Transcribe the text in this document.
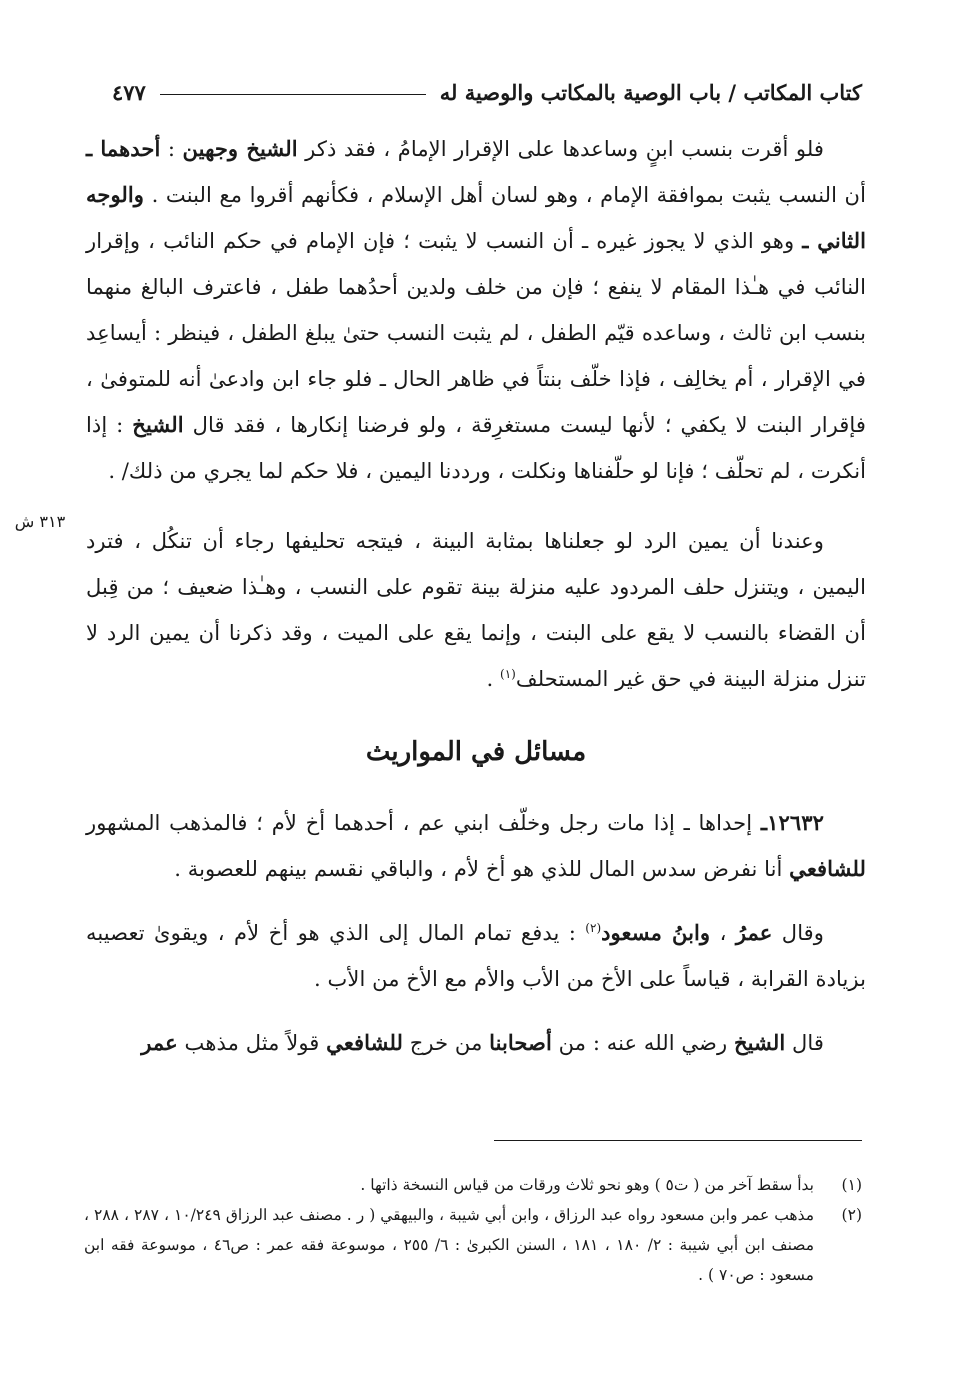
كتاب المكاتب / باب الوصية بالمكاتب والوصية له
٤٧٧
٣١٣ ش

فلو أقرت بنسب ابنٍ وساعدها على الإقرار الإمامُ ، فقد ذكر الشيخ وجهين : أحدهما ـ أن النسب يثبت بموافقة الإمام ، وهو لسان أهل الإسلام ، فكأنهم أقروا مع البنت . والوجه الثاني ـ وهو الذي لا يجوز غيره ـ أن النسب لا يثبت ؛ فإن الإمام في حكم النائب ، وإقرار النائب في هـٰذا المقام لا ينفع ؛ فإن من خلف ولدين أحدُهما طفل ، فاعترف البالغ منهما بنسب ابن ثالث ، وساعده قيّم الطفل ، لم يثبت النسب حتىٰ يبلغ الطفل ، فينظر : أيساعِد في الإقرار ، أم يخالِف ، فإذا خلّف بنتاً في ظاهر الحال ـ فلو جاء ابن وادعىٰ أنه للمتوفىٰ ، فإقرار البنت لا يكفي ؛ لأنها ليست مستغرِقة ، ولو فرضنا إنكارها ، فقد قال الشيخ : إذا أنكرت ، لم تحلّف ؛ فإنا لو حلّفناها ونكلت ، ورددنا اليمين ، فلا حكم لما يجري من ذلك/ .

وعندنا أن يمين الرد لو جعلناها بمثابة البينة ، فيتجه تحليفها رجاء أن تنكُل ، فترد اليمين ، ويتنزل حلف المردود عليه منزلة بينة تقوم على النسب ، وهـٰذا ضعيف ؛ من قِبل أن القضاء بالنسب لا يقع على البنت ، وإنما يقع على الميت ، وقد ذكرنا أن يمين الرد لا تنزل منزلة البينة في حق غير المستحلف$^{(١)}$ .

مسائل في المواريث

١٢٦٣٢ـ إحداها ـ إذا مات رجل وخلّف ابني عم ، أحدهما أخ لأم ؛ فالمذهب المشهور للشافعي أنا نفرض سدس المال للذي هو أخ لأم ، والباقي نقسم بينهم للعصوبة .

وقال عمرُ ، وابنُ مسعود$^{(٢)}$ : يدفع تمام المال إلى الذي هو أخ لأم ، ويقوىٰ تعصيبه بزيادة القرابة ، قياساً على الأخ من الأب والأم مع الأخ من الأب .

قال الشيخ رضي الله عنه : من أصحابنا من خرج للشافعي قولاً مثل مذهب عمر

(١)
بدأ سقط آخر من ( ت٥ ) وهو نحو ثلاث ورقات من قياس النسخة ذاتها .

(٢)
مذهب عمر وابن مسعود رواه عبد الرزاق ، وابن أبي شيبة ، والبيهقي ( ر . مصنف عبد الرزاق ١٠/٢٤٩ ، ٢٨٧ ، ٢٨٨ ، مصنف ابن أبي شيبة : ٢/ ١٨٠ ، ١٨١ ، السنن الكبرىٰ : ٦/ ٢٥٥ ، موسوعة فقه عمر : ص٤٦ ، موسوعة فقه ابن مسعود : ص٧٠ ) .
